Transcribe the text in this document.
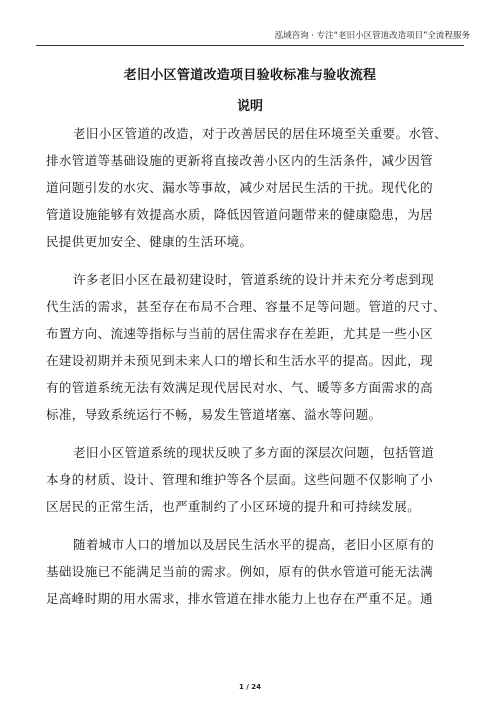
泓域咨询 · 专注“老旧小区管道改造项目”全流程服务
老旧小区管道改造项目验收标准与验收流程
说明
老旧小区管道的改造，对于改善居民的居住环境至关重要。水管、
排水管道等基础设施的更新将直接改善小区内的生活条件，减少因管
道问题引发的水灾、漏水等事故，减少对居民生活的干扰。现代化的
管道设施能够有效提高水质，降低因管道问题带来的健康隐患，为居
民提供更加安全、健康的生活环境。
许多老旧小区在最初建设时，管道系统的设计并未充分考虑到现
代生活的需求，甚至存在布局不合理、容量不足等问题。管道的尺寸、
布置方向、流速等指标与当前的居住需求存在差距，尤其是一些小区
在建设初期并未预见到未来人口的增长和生活水平的提高。因此，现
有的管道系统无法有效满足现代居民对水、气、暖等多方面需求的高
标准，导致系统运行不畅，易发生管道堵塞、溢水等问题。
老旧小区管道系统的现状反映了多方面的深层次问题，包括管道
本身的材质、设计、管理和维护等各个层面。这些问题不仅影响了小
区居民的正常生活，也严重制约了小区环境的提升和可持续发展。
随着城市人口的增加以及居民生活水平的提高，老旧小区原有的
基础设施已不能满足当前的需求。例如，原有的供水管道可能无法满
足高峰时期的用水需求，排水管道在排水能力上也存在严重不足。通
1 / 24
